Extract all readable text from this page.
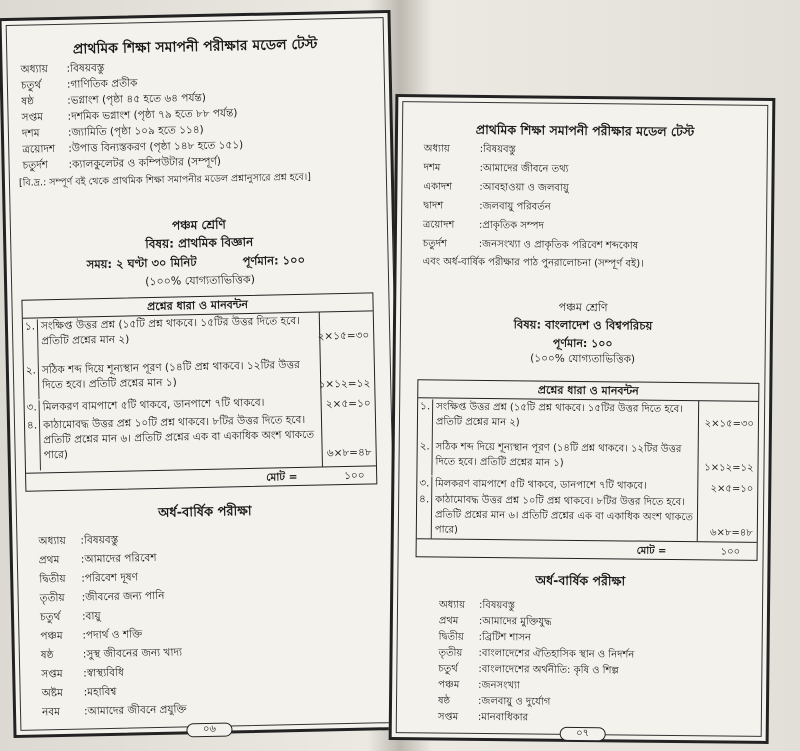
প্রাথমিক শিক্ষা সমাপনী পরীক্ষার মডেল টেস্ট
অধ্যায় :বিষয়বস্তু
চতুর্থ :গাণিতিক প্রতীক
ষষ্ঠ	:ভগ্নাংশ (পৃষ্ঠা ৪৫ হতে ৬৪ পর্যন্ত)
সপ্তম :দশমিক ভগ্নাংশ (পৃষ্ঠা ৭৯ হতে ৮৮ পর্যন্ত)
দশম	:জ্যামিতি (পৃষ্ঠা ১০৯ হতে ১১৪)
ত্রয়োদশ :উপাত্ত বিন্যস্তকরণ (পৃষ্ঠা ১৪৮ হতে ১৫১)
চতুর্দশ :ক্যালকুলেটর ও কম্পিউটার (সম্পূর্ণ)
[বি.দ্র.: সম্পূর্ণ বই থেকে প্রাথমিক শিক্ষা সমাপনীর মডেল প্রশ্নানুসারে প্রশ্ন হবে।]
পঞ্চম শ্রেণি
বিষয়: প্রাথমিক বিজ্ঞান
সময়: ২ ঘণ্টা ৩০ মিনিট	পূর্ণমান: ১০০
(১০০% যোগ্যতাভিত্তিক)
প্রশ্নের ধারা ও মানবন্টন
১. সংক্ষিপ্ত উত্তর প্রশ্ন (১৫টি প্রশ্ন থাকবে। ১৫টির উত্তর দিতে হবে। প্রতিটি প্রশ্নের মান ২)	২×১৫=৩০
২. সঠিক শব্দ দিয়ে শূন্যস্থান পূরণ (১৪টি প্রশ্ন থাকবে। ১২টির উত্তর দিতে হবে। প্রতিটি প্রশ্নের মান ১)	১×১২=১২
৩. মিলকরণ বামপাশে ৫টি থাকবে, ডানপাশে ৭টি থাকবে।	২×৫=১০
৪. কাঠামোবদ্ধ উত্তর প্রশ্ন ১০টি প্রশ্ন থাকবে। ৮টির উত্তর দিতে হবে। প্রতিটি প্রশ্নের মান ৬। প্রতিটি প্রশ্নের এক বা একাধিক অংশ থাকতে পারে)	৬×৮=৪৮
মোট =	১০০
অর্ধ-বার্ষিক পরীক্ষা
অধ্যায় :বিষয়বস্তু
প্রথম :আমাদের পরিবেশ
দ্বিতীয় :পরিবেশ দূষণ
তৃতীয় :জীবনের জন্য পানি
চতুর্থ :বায়ু
পঞ্চম :পদার্থ ও শক্তি
ষষ্ঠ	:সুস্থ জীবনের জন্য খাদ্য
সপ্তম :স্বাস্থ্যবিধি
অষ্টম :মহাবিশ্ব
নবম :আমাদের জীবনে প্রযুক্তি
০৬
প্রাথমিক শিক্ষা সমাপনী পরীক্ষার মডেল টেস্ট
অধ্যায়	:বিষয়বস্তু
দশম	:আমাদের জীবনে তথ্য
একাদশ	:আবহাওয়া ও জলবায়ু
দ্বাদশ	:জলবায়ু পরিবর্তন
ত্রয়োদশ :প্রাকৃতিক সম্পদ
চতুর্দশ	:জনসংখ্যা ও প্রাকৃতিক পরিবেশ শব্দকোষ
এবং অর্ধ-বার্ষিক পরীক্ষার পাঠ পুনরালোচনা (সম্পূর্ণ বই)।
পঞ্চম শ্রেণি
বিষয়: বাংলাদেশ ও বিশ্বপরিচয়
পূর্ণমান: ১০০
(১০০% যোগ্যতাভিত্তিক)
প্রশ্নের ধারা ও মানবন্টন
১. সংক্ষিপ্ত উত্তর প্রশ্ন (১৫টি প্রশ্ন থাকবে। ১৫টির উত্তর দিতে হবে। প্রতিটি প্রশ্নের মান ২)	২×১৫=৩০
২. সঠিক শব্দ দিয়ে শূন্যস্থান পূরণ (১৪টি প্রশ্ন থাকবে। ১২টির উত্তর দিতে হবে। প্রতিটি প্রশ্নের মান ১)	১×১২=১২
৩. মিলকরণ বামপাশে ৫টি থাকবে, ডানপাশে ৭টি থাকবে।	২×৫=১০
৪. কাঠামোবদ্ধ উত্তর প্রশ্ন ১০টি প্রশ্ন থাকবে। ৮টির উত্তর দিতে হবে। প্রতিটি প্রশ্নের মান ৬। প্রতিটি প্রশ্নের এক বা একাধিক অংশ থাকতে পারে)	৬×৮=৪৮
মোট =	১০০
অর্ধ-বার্ষিক পরীক্ষা
অধ্যায় :বিষয়বস্তু
প্রথম :আমাদের মুক্তিযুদ্ধ
দ্বিতীয় :ব্রিটিশ শাসন
তৃতীয় :বাংলাদেশের ঐতিহাসিক স্থান ও নিদর্শন
চতুর্থ :বাংলাদেশের অর্থনীতি: কৃষি ও শিল্প
পঞ্চম :জনসংখ্যা
ষষ্ঠ	:জলবায়ু ও দুর্যোগ
সপ্তম :মানবাধিকার
০৭
